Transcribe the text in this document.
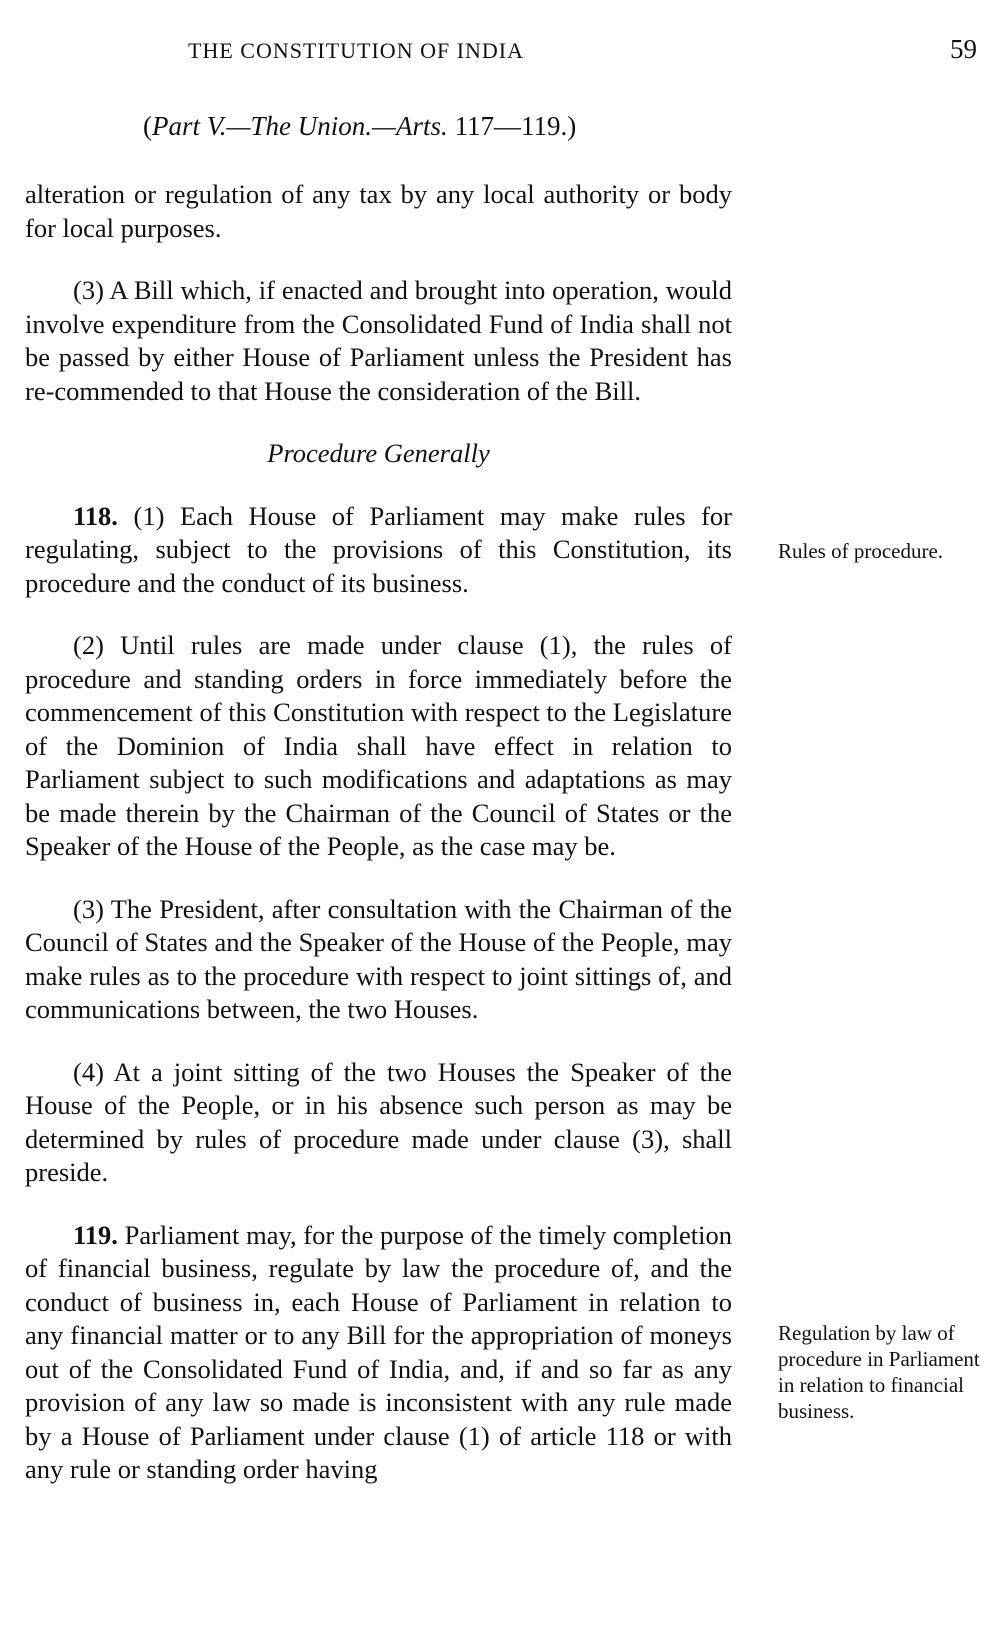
THE CONSTITUTION OF INDIA	59
(Part V.—The Union.—Arts. 117—119.)

alteration or regulation of any tax by any local authority or body for local purposes.

(3) A Bill which, if enacted and brought into operation, would involve expenditure from the Consolidated Fund of India shall not be passed by either House of Parliament unless the President has re-commended to that House the consideration of the Bill.

Procedure Generally

118. (1) Each House of Parliament may make rules for regulating, subject to the provisions of this Constitution, its procedure and the conduct of its business.

(2) Until rules are made under clause (1), the rules of procedure and standing orders in force immediately before the commencement of this Constitution with respect to the Legislature of the Dominion of India shall have effect in relation to Parliament subject to such modifications and adaptations as may be made therein by the Chairman of the Council of States or the Speaker of the House of the People, as the case may be.

(3) The President, after consultation with the Chairman of the Council of States and the Speaker of the House of the People, may make rules as to the procedure with respect to joint sittings of, and communications between, the two Houses.

(4) At a joint sitting of the two Houses the Speaker of the House of the People, or in his absence such person as may be determined by rules of procedure made under clause (3), shall preside.

119. Parliament may, for the purpose of the timely completion of financial business, regulate by law the procedure of, and the conduct of business in, each House of Parliament in relation to any financial matter or to any Bill for the appropriation of moneys out of the Consolidated Fund of India, and, if and so far as any provision of any law so made is inconsistent with any rule made by a House of Parliament under clause (1) of article 118 or with any rule or standing order having

Rules of procedure.
Regulation by law of procedure in Parliament in relation to financial business.
